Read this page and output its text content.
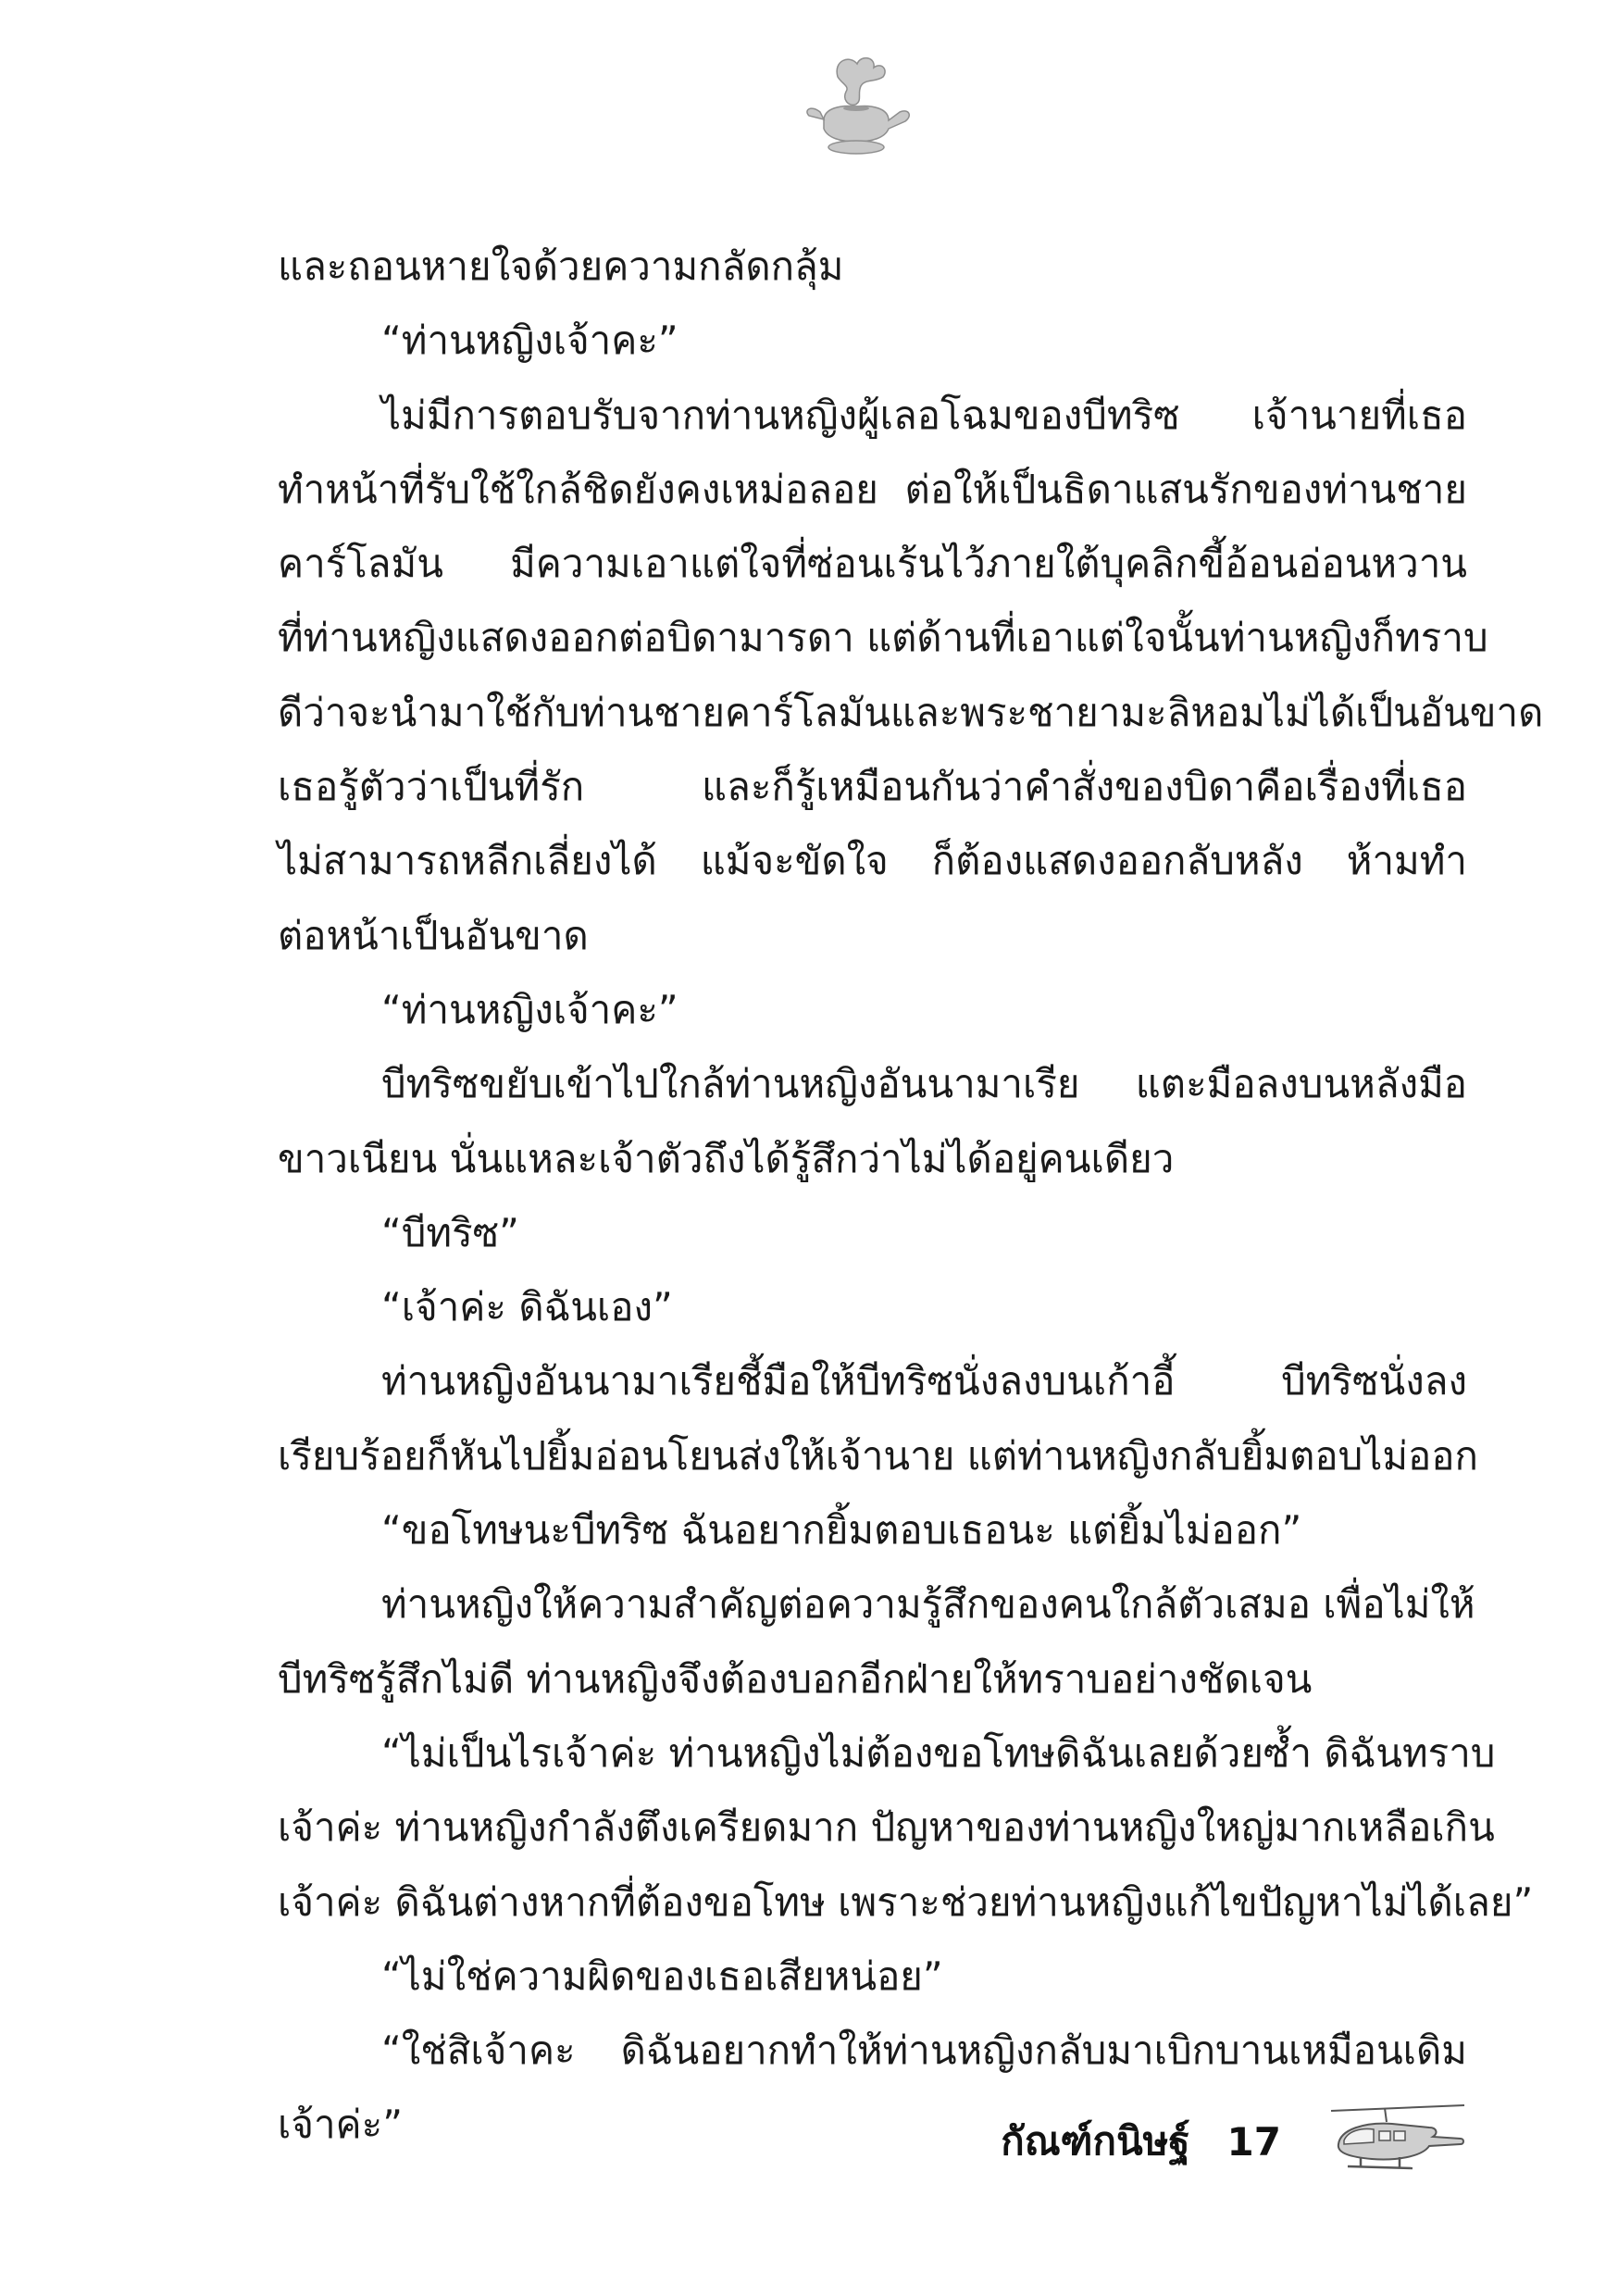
และถอนหายใจด้วยความกลัดกลุ้ม
“ท่านหญิงเจ้าคะ”
ไม่มีการตอบรับจากท่านหญิงผู้เลอโฉมของบีทริซ เจ้านายที่เธอ
ทำหน้าที่รับใช้ใกล้ชิดยังคงเหม่อลอย ต่อให้เป็นธิดาแสนรักของท่านชาย
คาร์โลมัน มีความเอาแต่ใจที่ซ่อนเร้นไว้ภายใต้บุคลิกขี้อ้อนอ่อนหวาน
ที่ท่านหญิงแสดงออกต่อบิดามารดา แต่ด้านที่เอาแต่ใจนั้นท่านหญิงก็ทราบ
ดีว่าจะนำมาใช้กับท่านชายคาร์โลมันและพระชายามะลิหอมไม่ได้เป็นอันขาด
เธอรู้ตัวว่าเป็นที่รัก และก็รู้เหมือนกันว่าคำสั่งของบิดาคือเรื่องที่เธอ
ไม่สามารถหลีกเลี่ยงได้ แม้จะขัดใจ ก็ต้องแสดงออกลับหลัง ห้ามทำ
ต่อหน้าเป็นอันขาด
“ท่านหญิงเจ้าคะ”
บีทริซขยับเข้าไปใกล้ท่านหญิงอันนามาเรีย แตะมือลงบนหลังมือ
ขาวเนียน นั่นแหละเจ้าตัวถึงได้รู้สึกว่าไม่ได้อยู่คนเดียว
“บีทริซ”
“เจ้าค่ะ ดิฉันเอง”
ท่านหญิงอันนามาเรียชี้มือให้บีทริซนั่งลงบนเก้าอี้ บีทริซนั่งลง
เรียบร้อยก็หันไปยิ้มอ่อนโยนส่งให้เจ้านาย แต่ท่านหญิงกลับยิ้มตอบไม่ออก
“ขอโทษนะบีทริซ ฉันอยากยิ้มตอบเธอนะ แต่ยิ้มไม่ออก”
ท่านหญิงให้ความสำคัญต่อความรู้สึกของคนใกล้ตัวเสมอ เพื่อไม่ให้
บีทริซรู้สึกไม่ดี ท่านหญิงจึงต้องบอกอีกฝ่ายให้ทราบอย่างชัดเจน
“ไม่เป็นไรเจ้าค่ะ ท่านหญิงไม่ต้องขอโทษดิฉันเลยด้วยซ้ำ ดิฉันทราบ
เจ้าค่ะ ท่านหญิงกำลังตึงเครียดมาก ปัญหาของท่านหญิงใหญ่มากเหลือเกิน
เจ้าค่ะ ดิฉันต่างหากที่ต้องขอโทษ เพราะช่วยท่านหญิงแก้ไขปัญหาไม่ได้เลย”
“ไม่ใช่ความผิดของเธอเสียหน่อย”
“ใช่สิเจ้าคะ ดิฉันอยากทำให้ท่านหญิงกลับมาเบิกบานเหมือนเดิม
เจ้าค่ะ”	กัณฑ์กนิษฐ์ 17
